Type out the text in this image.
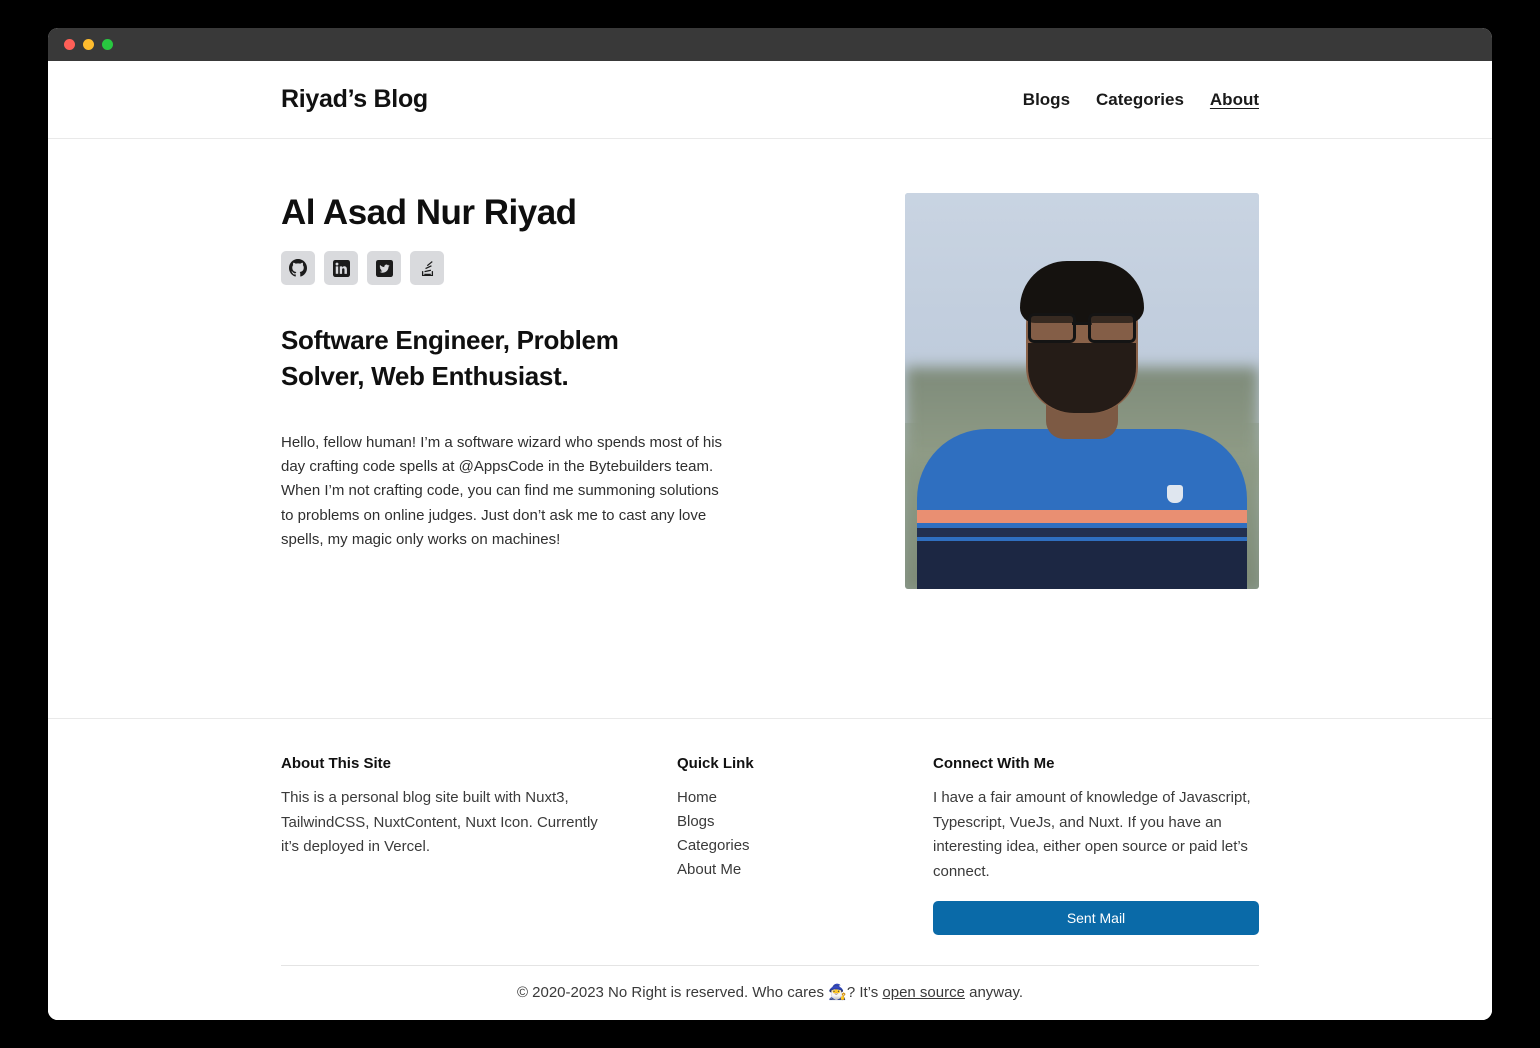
Riyad’s Blog	Blogs Categories About
Al Asad Nur Riyad
Software Engineer, Problem Solver, Web Enthusiast.

Hello, fellow human! I’m a software wizard who spends most of his day crafting code spells at @AppsCode in the Bytebuilders team. When I’m not crafting code, you can find me summoning solutions to problems on online judges. Just don’t ask me to cast any love spells, my magic only works on machines!

About This Site

This is a personal blog site built with Nuxt3, TailwindCSS, NuxtContent, Nuxt Icon. Currently it’s deployed in Vercel.

Quick Link
Home
Blogs
Categories
About Me
Connect With Me

I have a fair amount of knowledge of Javascript, Typescript, VueJs, and Nuxt. If you have an interesting idea, either open source or paid let’s connect.

Sent Mail
© 2020-2023 No Right is reserved. Who cares 🧙‍♂️? It’s open source anyway.
